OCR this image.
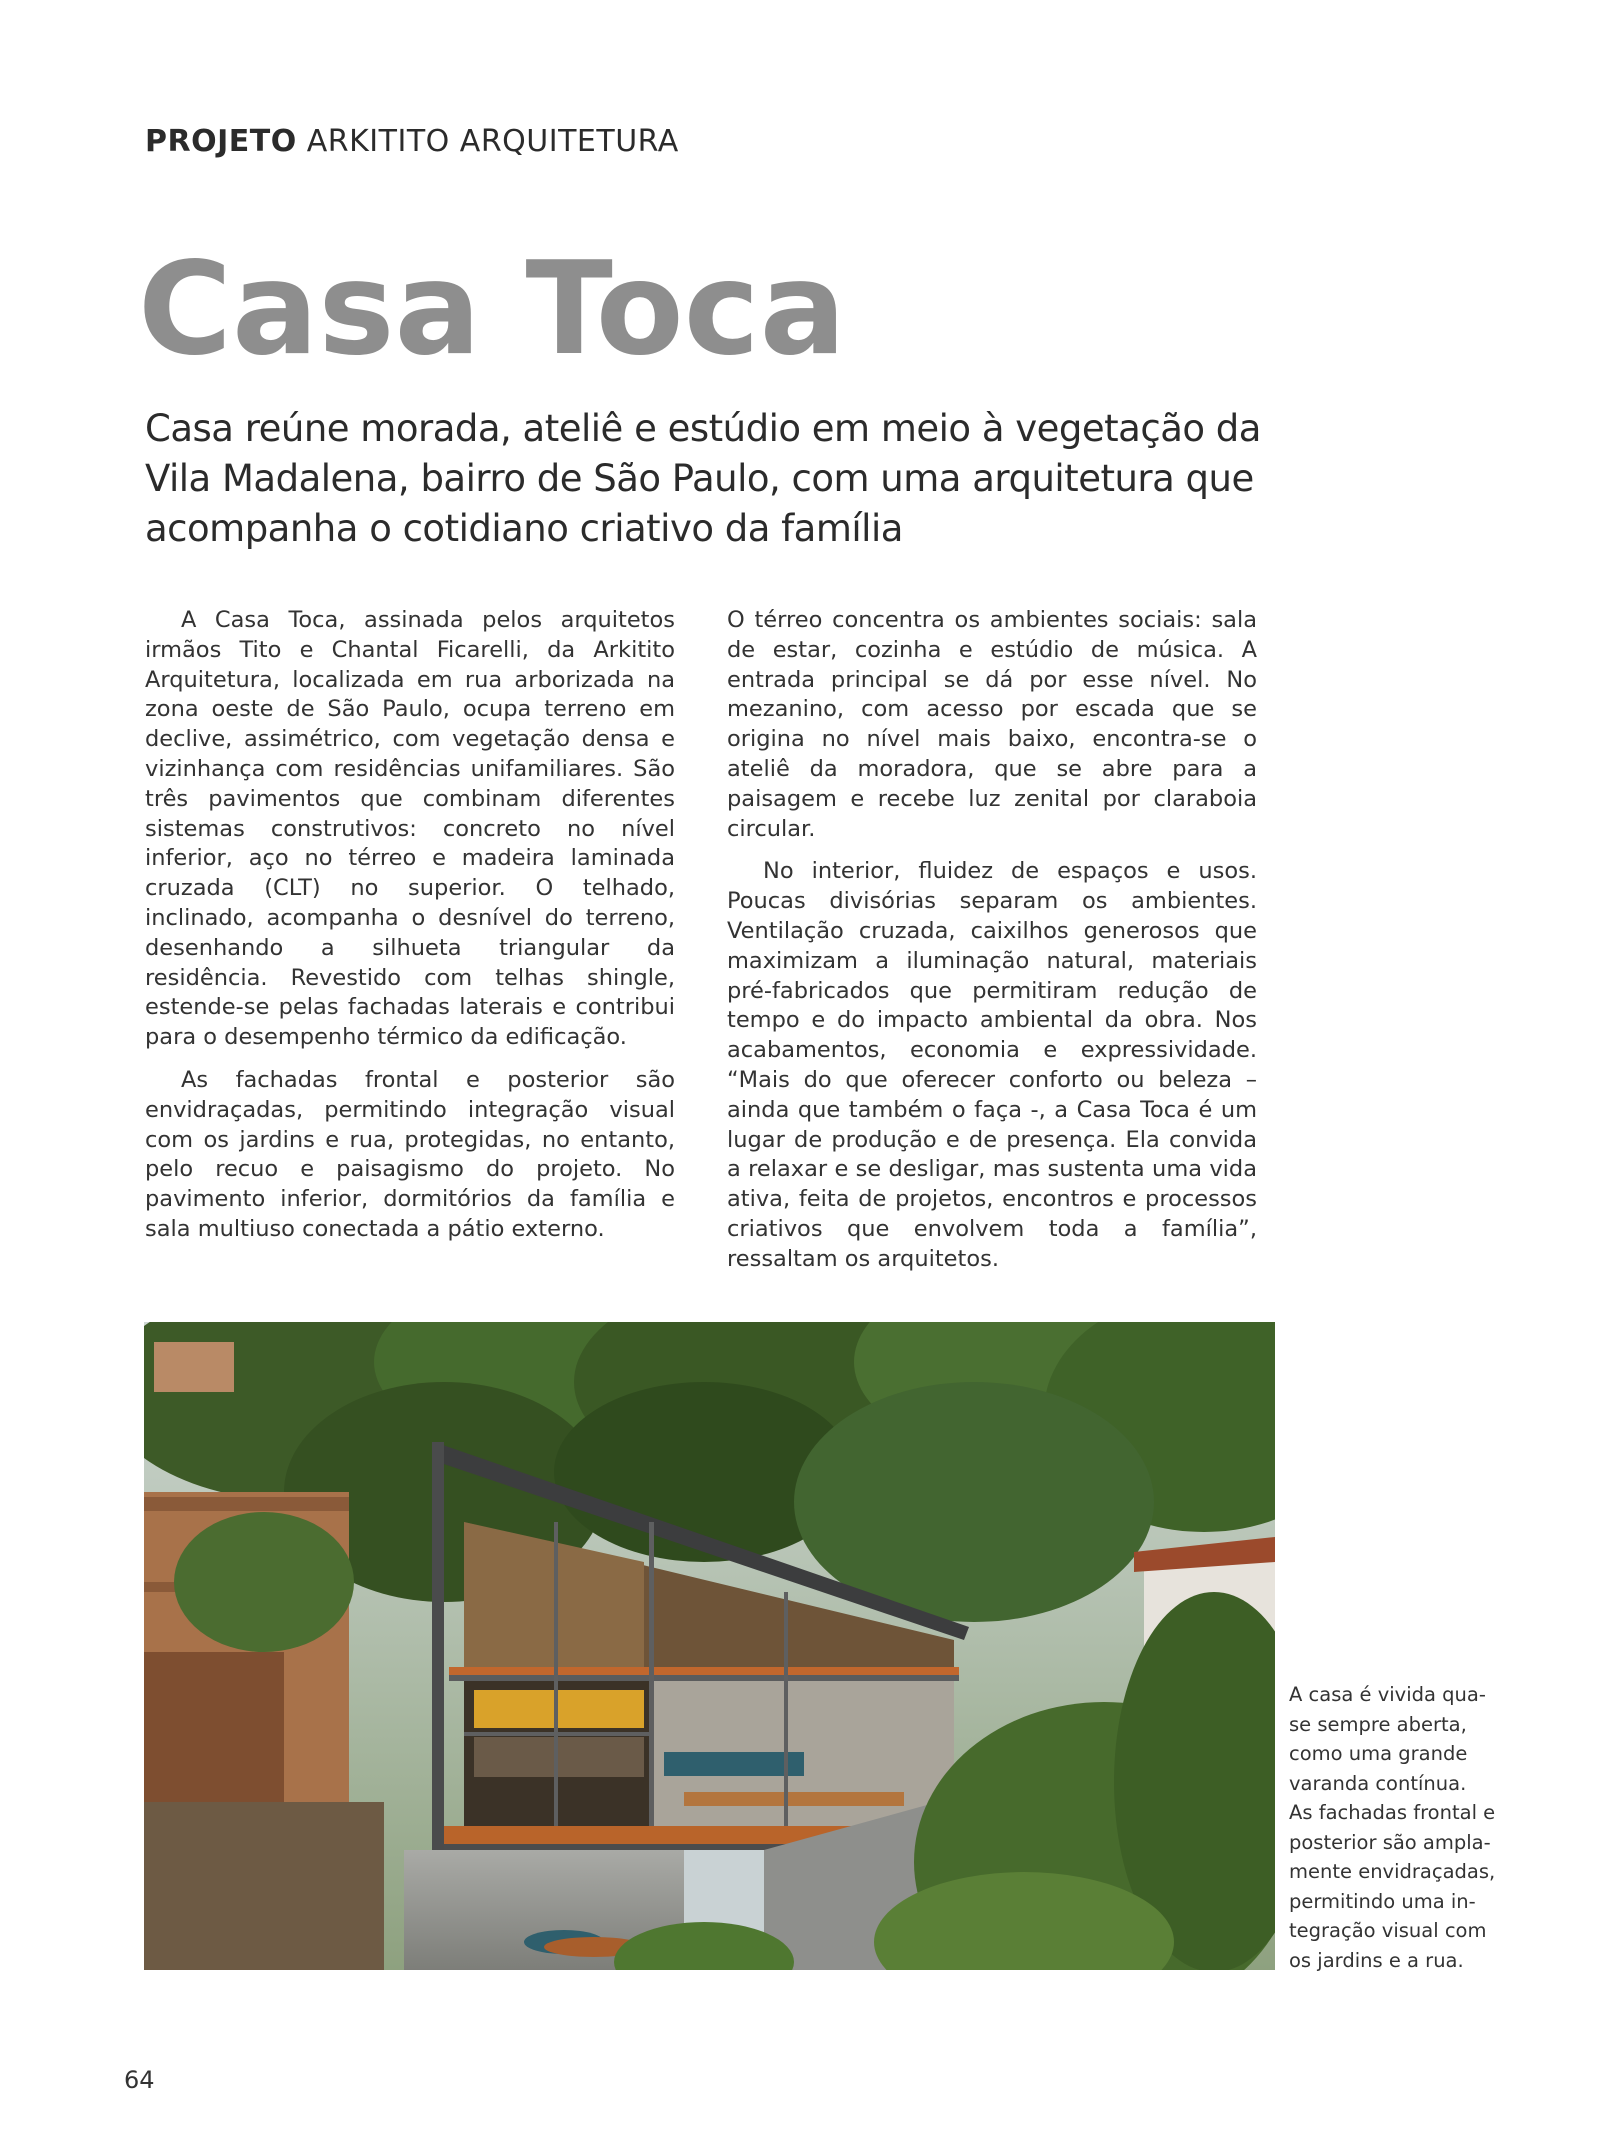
PROJETO ARKITITO ARQUITETURA
Casa Toca
Casa reúne morada, ateliê e estúdio em meio à vegetação da Vila Madalena, bairro de São Paulo, com uma arquitetura que acompanha o cotidiano criativo da família

A Casa Toca, assinada pelos arquitetos irmãos Tito e Chantal Ficarelli, da Arkitito Arquitetura, localizada em rua arborizada na zona oeste de São Paulo, ocupa terreno em declive, assimétrico, com vegetação densa e vizinhança com residências unifamiliares. São três pavimentos que combinam diferentes sistemas construtivos: concreto no nível inferior, aço no térreo e madeira laminada cruzada (CLT) no superior. O telhado, inclinado, acompanha o desnível do terreno, desenhando a silhueta triangular da residência. Revestido com telhas shingle, estende-se pelas fachadas laterais e contribui para o desempenho térmico da edificação.

As fachadas frontal e posterior são envidraçadas, permitindo integração visual com os jardins e rua, protegidas, no entanto, pelo recuo e paisagismo do projeto. No pavimento inferior, dormitórios da família e sala multiuso conectada a pátio externo.

O térreo concentra os ambientes sociais: sala de estar, cozinha e estúdio de música. A entrada principal se dá por esse nível. No mezanino, com acesso por escada que se origina no nível mais baixo, encontra-se o ateliê da moradora, que se abre para a paisagem e recebe luz zenital por claraboia circular.

No interior, fluidez de espaços e usos. Poucas divisórias separam os ambientes. Ventilação cruzada, caixilhos generosos que maximizam a iluminação natural, materiais pré-fabricados que permitiram redução de tempo e do impacto ambiental da obra. Nos acabamentos, economia e expressividade. “Mais do que oferecer conforto ou beleza – ainda que também o faça -, a Casa Toca é um lugar de produção e de presença. Ela convida a relaxar e se desligar, mas sustenta uma vida ativa, feita de projetos, encontros e processos criativos que envolvem toda a família”, ressaltam os arquitetos.

A casa é vivida qua-
se sempre aberta,
como uma grande
varanda contínua.
As fachadas frontal e
posterior são ampla-
mente envidraçadas,
permitindo uma in-
tegração visual com
os jardins e a rua.
64
